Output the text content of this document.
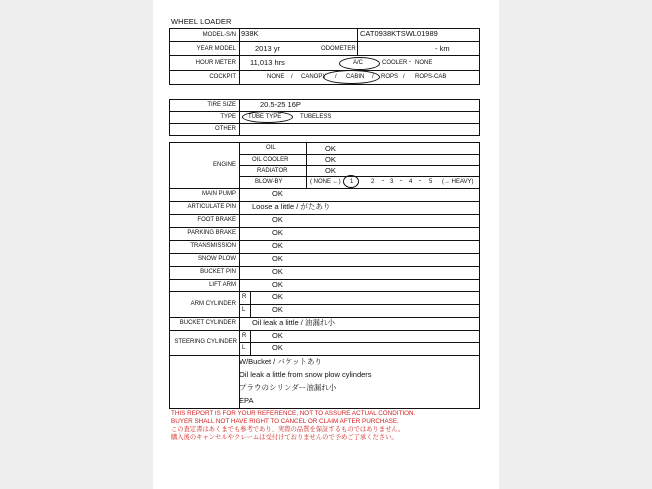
WHEEL LOADER
MODEL-S/N 938K	CAT0938KTSWL01989
YEAR MODEL	2013 yr	ODOMETER	- km
HOUR METER 11,013 hrs	A/C ・ COOLER ・ NONE
COCKPIT	NONE / CANOPY / CABIN / ROPS / ROPS-CAB
TIRE SIZE	20.5-25 16P
TYPE TUBE TYPE	TUBELESS
OTHER
ENGINE
OIL	OK
OIL COOLER	OK
RADIATOR	OK
BLOW-BY	( NONE ←) 1	2 ・ 3 ・ 4 ・ 5 (→ HEAVY)
MAIN PUMP	OK
ARTICULATE PIN Loose a little / がたあり
FOOT BRAKE	OK
PARKING BRAKE	OK
TRANSMISSION	OK
SNOW PLOW	OK
BUCKET PIN	OK
LIFT ARM	OK
ARM CYLINDER
R	OK
L	OK
BUCKET CYLINDER Oil leak a little / 油漏れ小
STEERING CYLINDER
R	OK
L	OK
W/Bucket / バケットあり
Oil leak a little from snow plow cylinders
プラウのシリンダー油漏れ小
EPA
THIS REPORT IS FOR YOUR REFERENCE, NOT TO ASSURE ACTUAL CONDITION.
BUYER SHALL NOT HAVE RIGHT TO CANCEL OR CLAIM AFTER PURCHASE.
この査定書はあくまでも参考であり、実際の品質を保証するものではありません。
購入後のキャンセルやクレームは受付けておりませんので予めご了承ください。
